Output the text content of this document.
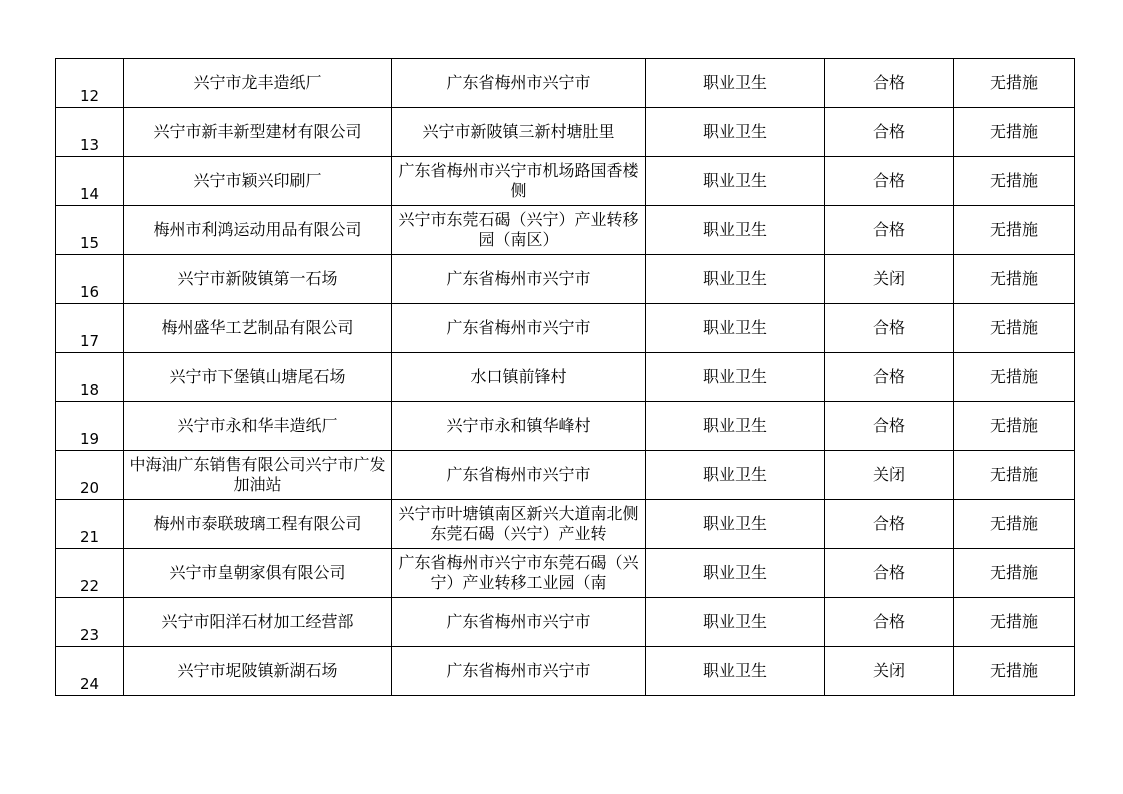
12	兴宁市龙丰造纸厂	广东省梅州市兴宁市	职业卫生	合格	无措施

13	兴宁市新丰新型建材有限公司	兴宁市新陂镇三新村塘肚里	职业卫生	合格	无措施

14	兴宁市颖兴印刷厂	广东省梅州市兴宁市机场路国香楼侧	职业卫生	合格	无措施

15	梅州市利鸿运动用品有限公司	兴宁市东莞石碣（兴宁）产业转移园（南区）	职业卫生	合格	无措施

16	兴宁市新陂镇第一石场	广东省梅州市兴宁市	职业卫生	关闭	无措施

17	梅州盛华工艺制品有限公司	广东省梅州市兴宁市	职业卫生	合格	无措施

18	兴宁市下堡镇山塘尾石场	水口镇前锋村	职业卫生	合格	无措施

19	兴宁市永和华丰造纸厂	兴宁市永和镇华峰村	职业卫生	合格	无措施

20	中海油广东销售有限公司兴宁市广发加油站	广东省梅州市兴宁市	职业卫生	关闭	无措施

21	梅州市泰联玻璃工程有限公司	兴宁市叶塘镇南区新兴大道南北侧东莞石碣（兴宁）产业转	职业卫生	合格	无措施

22	兴宁市皇朝家俱有限公司	广东省梅州市兴宁市东莞石碣（兴宁）产业转移工业园（南	职业卫生	合格	无措施

23	兴宁市阳洋石材加工经营部	广东省梅州市兴宁市	职业卫生	合格	无措施

24	兴宁市坭陂镇新湖石场	广东省梅州市兴宁市	职业卫生	关闭	无措施
